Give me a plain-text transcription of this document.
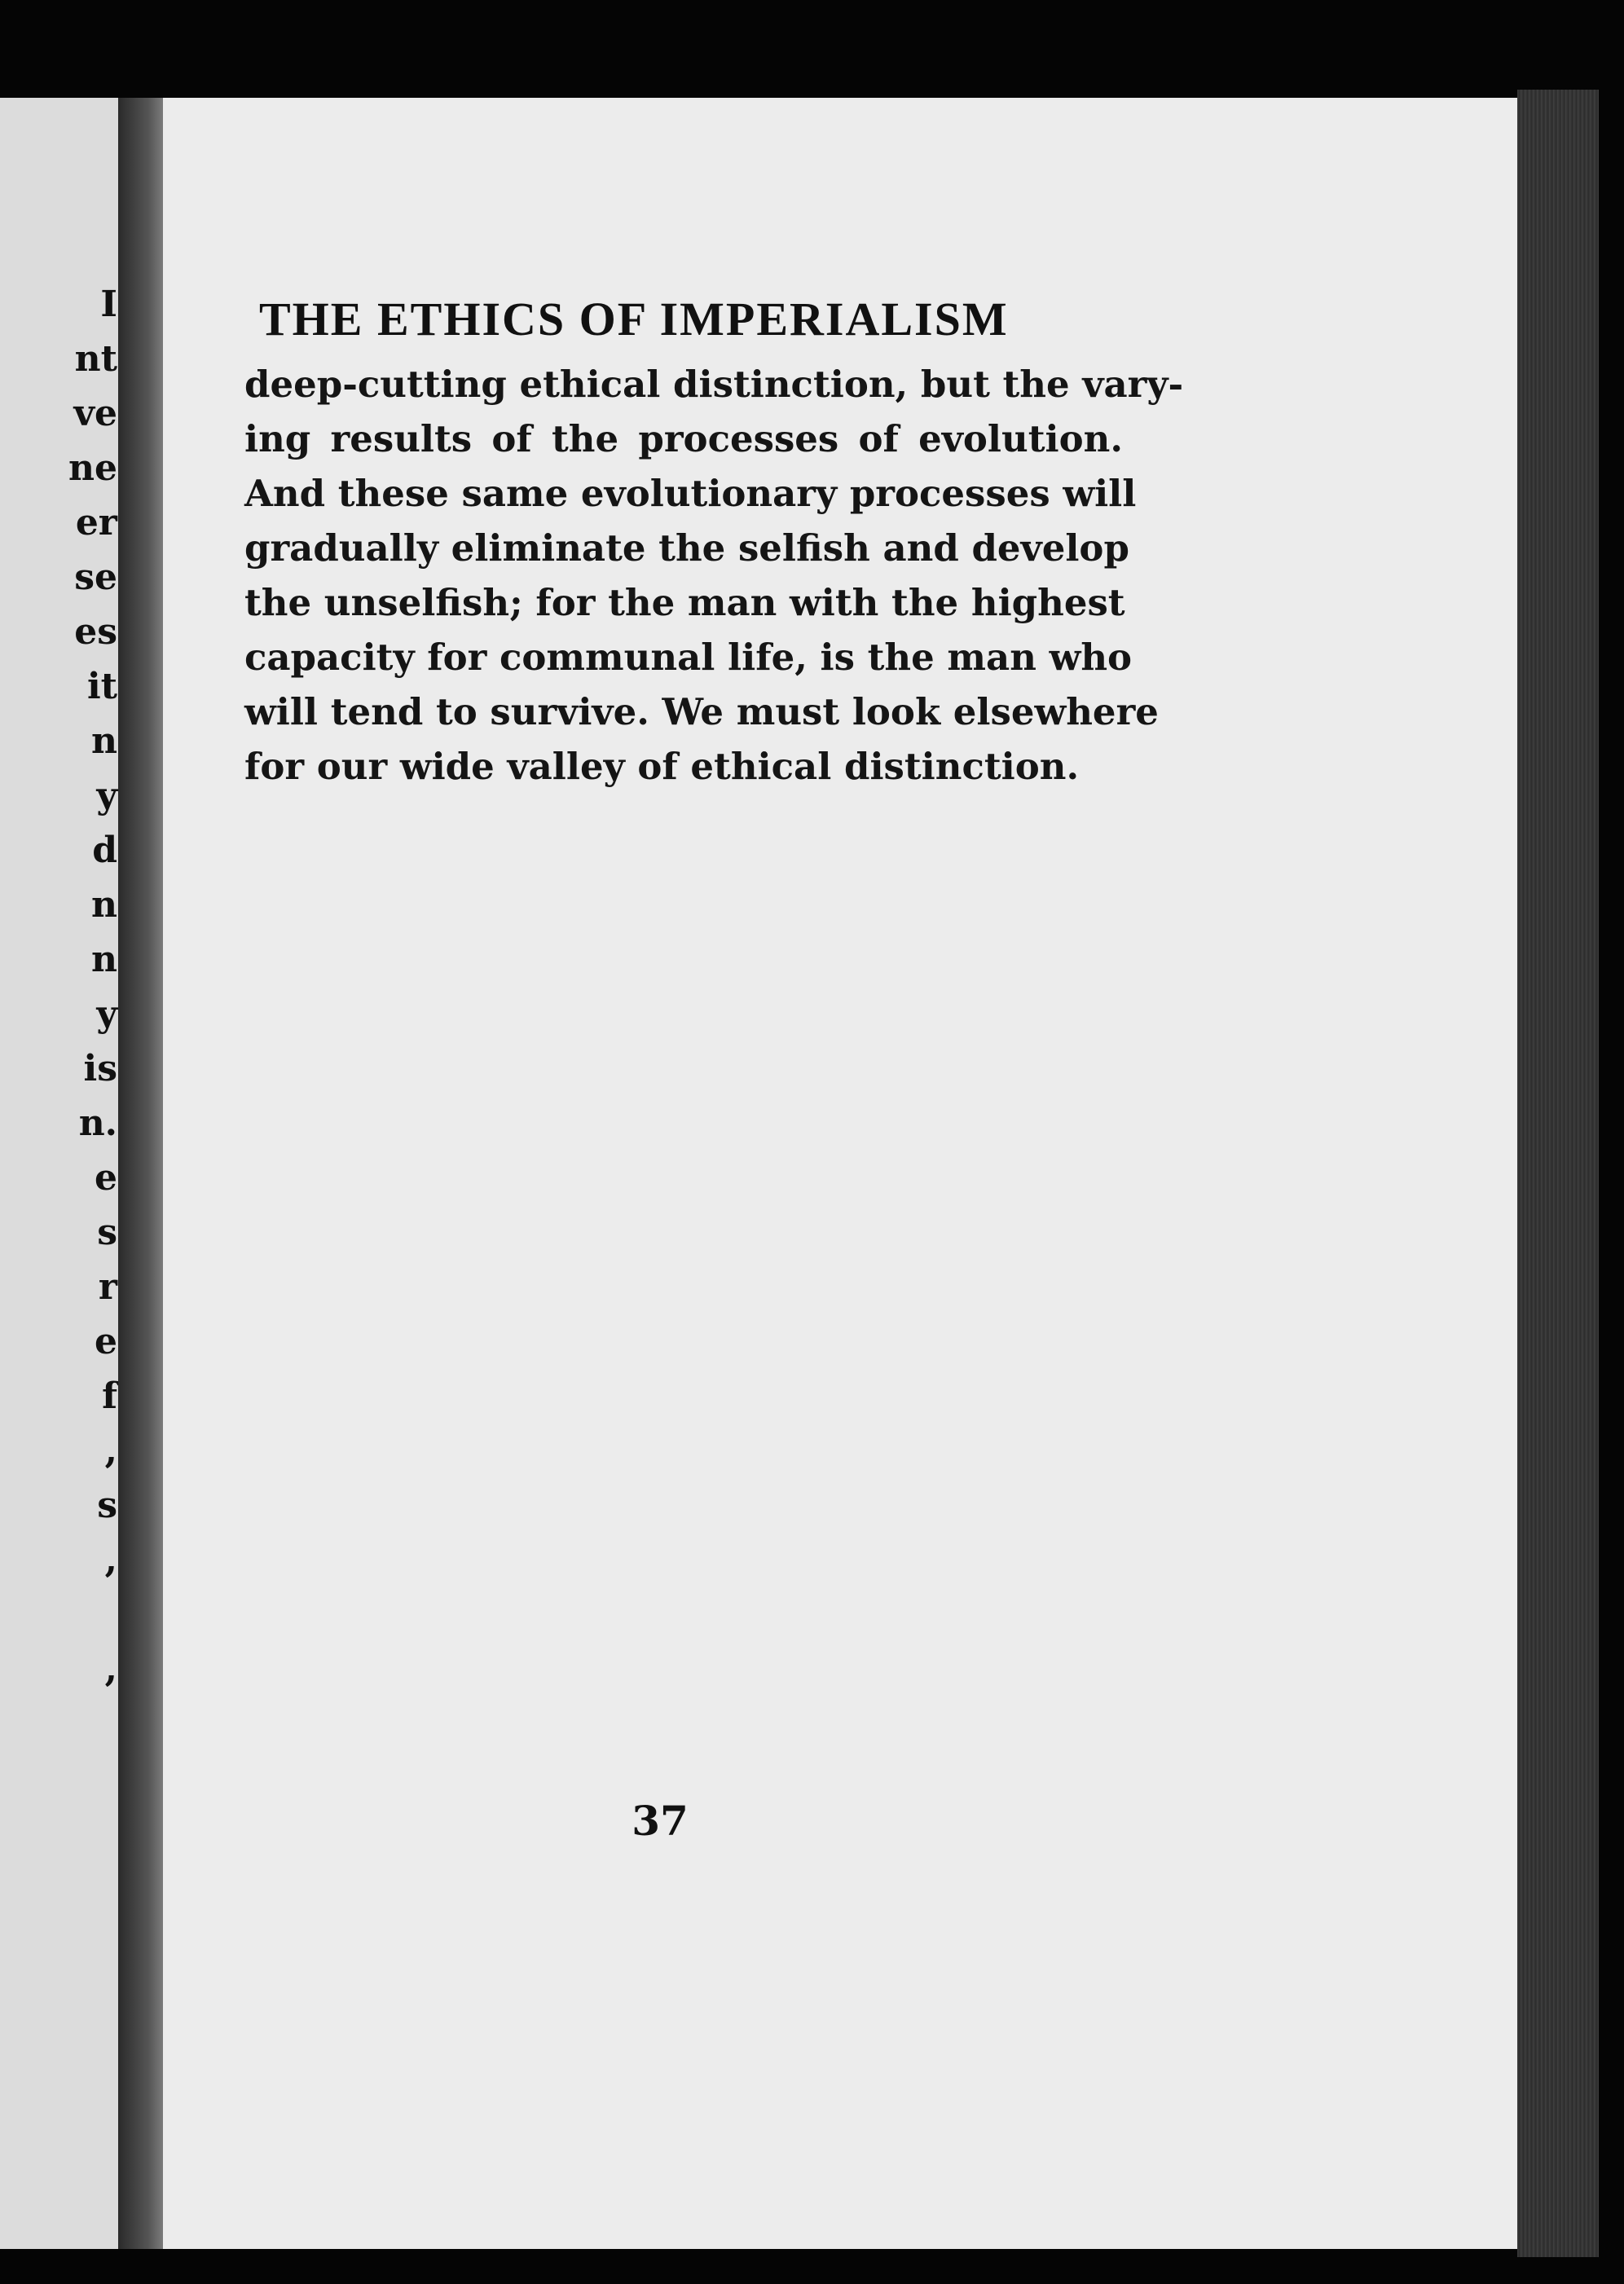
I
nt
ve
ne
er
se
es
it
n
y
d
n
n
y
is
n.
e
s
r
e
f
,
s
,
,
THE ETHICS OF IMPERIALISM
deep-cutting ethical distinction, but the vary-
ing results of the processes of evolution.
And these same evolutionary processes will
gradually eliminate the selfish and develop
the unselfish; for the man with the highest
capacity for communal life, is the man who
will tend to survive. We must look elsewhere
for our wide valley of ethical distinction.
37
